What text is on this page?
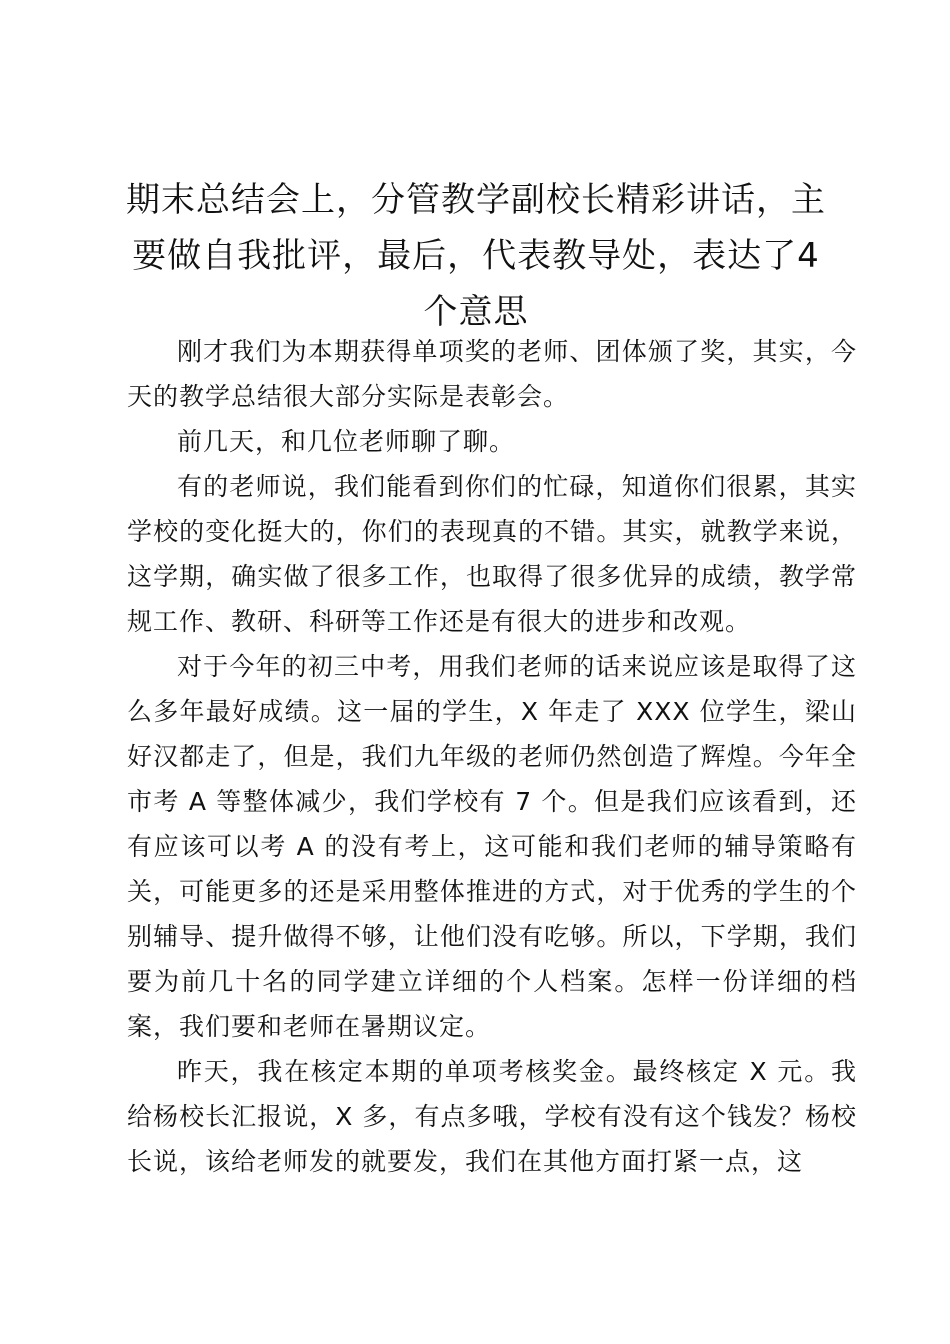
期末总结会上，分管教学副校长精彩讲话，主要做自我批评，最后，代表教导处，表达了4个意思

刚才我们为本期获得单项奖的老师、团体颁了奖，其实，今天的教学总结很大部分实际是表彰会。

前几天，和几位老师聊了聊。

有的老师说，我们能看到你们的忙碌，知道你们很累，其实学校的变化挺大的，你们的表现真的不错。其实，就教学来说，这学期，确实做了很多工作，也取得了很多优异的成绩，教学常规工作、教研、科研等工作还是有很大的进步和改观。

对于今年的初三中考，用我们老师的话来说应该是取得了这么多年最好成绩。这一届的学生，X 年走了 XXX 位学生，梁山好汉都走了，但是，我们九年级的老师仍然创造了辉煌。今年全市考 A 等整体减少，我们学校有 7 个。但是我们应该看到，还有应该可以考 A 的没有考上，这可能和我们老师的辅导策略有关，可能更多的还是采用整体推进的方式，对于优秀的学生的个别辅导、提升做得不够，让他们没有吃够。所以，下学期，我们要为前几十名的同学建立详细的个人档案。怎样一份详细的档案，我们要和老师在暑期议定。

昨天，我在核定本期的单项考核奖金。最终核定 X 元。我给杨校长汇报说，X 多，有点多哦，学校有没有这个钱发？杨校长说，该给老师发的就要发，我们在其他方面打紧一点，这
